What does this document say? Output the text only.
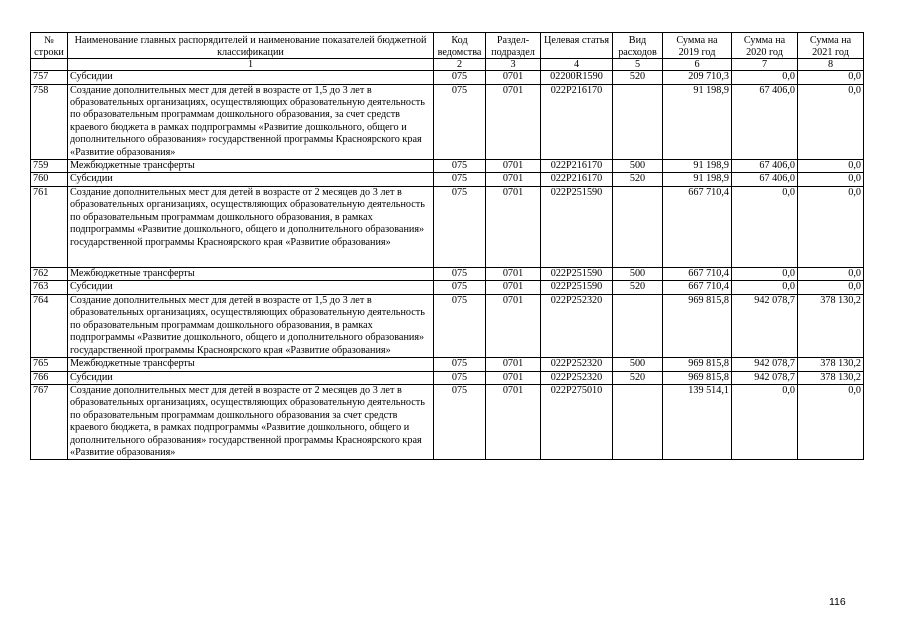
№ строки	Наименование главных распорядителей и наименование показателей бюджетной классификации	Код ведомства	Раздел-подраздел	Целевая статья	Вид расходов	Сумма на 2019 год	Сумма на 2020 год	Сумма на 2021 год
	1	2	3	4	5	6	7	8
757	Субсидии	075	0701	02200R1590	520	209 710,3	0,0	0,0
758	Создание дополнительных мест для детей в возрасте от 1,5 до 3 лет в образовательных организациях, осуществляющих образовательную деятельность по образовательным программам дошкольного образования, за счет средств краевого бюджета в рамках подпрограммы «Развитие дошкольного, общего и дополнительного образования» государственной программы Красноярского края «Развитие образования»	075	0701	022P216170		91 198,9	67 406,0	0,0
759	Межбюджетные трансферты	075	0701	022P216170	500	91 198,9	67 406,0	0,0
760	Субсидии	075	0701	022P216170	520	91 198,9	67 406,0	0,0
761	Создание дополнительных мест для детей в возрасте от 2 месяцев до 3 лет в образовательных организациях, осуществляющих образовательную деятельность по образовательным программам дошкольного образования, в рамках подпрограммы «Развитие дошкольного, общего и дополнительного образования» государственной программы Красноярского края «Развитие образования»	075	0701	022P251590		667 710,4	0,0	0,0
762	Межбюджетные трансферты	075	0701	022P251590	500	667 710,4	0,0	0,0
763	Субсидии	075	0701	022P251590	520	667 710,4	0,0	0,0
764	Создание дополнительных мест для детей в возрасте от 1,5 до 3 лет в образовательных организациях, осуществляющих образовательную деятельность по образовательным программам дошкольного образования, в рамках подпрограммы «Развитие дошкольного, общего и дополнительного образования» государственной программы Красноярского края «Развитие образования»	075	0701	022P252320		969 815,8	942 078,7	378 130,2
765	Межбюджетные трансферты	075	0701	022P252320	500	969 815,8	942 078,7	378 130,2
766	Субсидии	075	0701	022P252320	520	969 815,8	942 078,7	378 130,2
767	Создание дополнительных мест для детей в возрасте от 2 месяцев до 3 лет в образовательных организациях, осуществляющих образовательную деятельность по образовательным программам дошкольного образования за счет средств краевого бюджета, в рамках подпрограммы «Развитие дошкольного, общего и дополнительного образования» государственной программы Красноярского края «Развитие образования»	075	0701	022P275010		139 514,1	0,0	0,0
116
